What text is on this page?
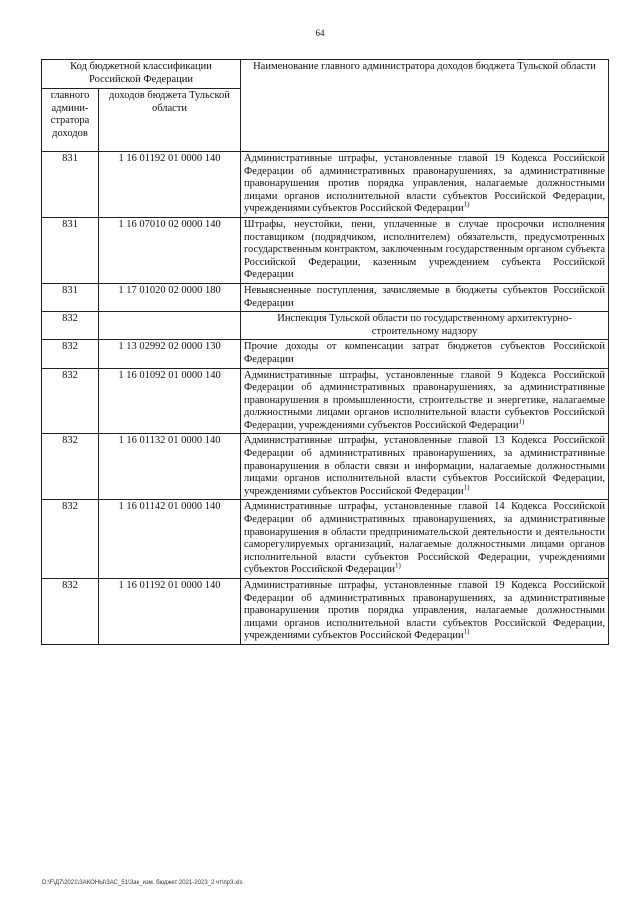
64
Код бюджетной классификации Российской Федерации		Наименование главного администратора доходов бюджета Тульской области
главного админи-стратора доходов	доходов бюджета Тульской области	
831	1 16 01192 01 0000 140	Административные штрафы, установленные главой 19 Кодекса Российской Федерации об административных правонарушениях, за административные правонарушения против порядка управления, налагаемые должностными лицами органов исполнительной власти субъектов Российской Федерации, учреждениями субъектов Российской Федерации$^{1)}$
831	1 16 07010 02 0000 140	Штрафы, неустойки, пени, уплаченные в случае просрочки исполнения поставщиком (подрядчиком, исполнителем) обязательств, предусмотренных государственным контрактом, заключенным государственным органом субъекта Российской Федерации, казенным учреждением субъекта Российской Федерации
831	1 17 01020 02 0000 180	Невыясненные поступления, зачисляемые в бюджеты субъектов Российской Федерации
832		Инспекция Тульской области по государственному архитектурно-строительному надзору
832	1 13 02992 02 0000 130	Прочие доходы от компенсации затрат бюджетов субъектов Российской Федерации
832	1 16 01092 01 0000 140	Административные штрафы, установленные главой 9 Кодекса Российской Федерации об административных правонарушениях, за административные правонарушения в промышленности, строительстве и энергетике, налагаемые должностными лицами органов исполнительной власти субъектов Российской Федерации, учреждениями субъектов Российской Федерации$^{1)}$
832	1 16 01132 01 0000 140	Административные штрафы, установленные главой 13 Кодекса Российской Федерации об административных правонарушениях, за административные правонарушения в области связи и информации, налагаемые должностными лицами органов исполнительной власти субъектов Российской Федерации, учреждениями субъектов Российской Федерации$^{1)}$
832	1 16 01142 01 0000 140	Административные штрафы, установленные главой 14 Кодекса Российской Федерации об административных правонарушениях, за административные правонарушения в области предпринимательской деятельности и деятельности саморегулируемых организаций, налагаемые должностными лицами органов исполнительной власти субъектов Российской Федерации, учреждениями субъектов Российской Федерации$^{1)}$
832	1 16 01192 01 0000 140	Административные штрафы, установленные главой 19 Кодекса Российской Федерации об административных правонарушениях, за административные правонарушения против порядка управления, налагаемые должностными лицами органов исполнительной власти субъектов Российской Федерации, учреждениями субъектов Российской Федерации$^{1)}$
D:\F\Д7\2021\ЗАКОНЫ\ЗАС_51\Зак_изм. бюджет 2021-2023_2 чт\пр3.xls
